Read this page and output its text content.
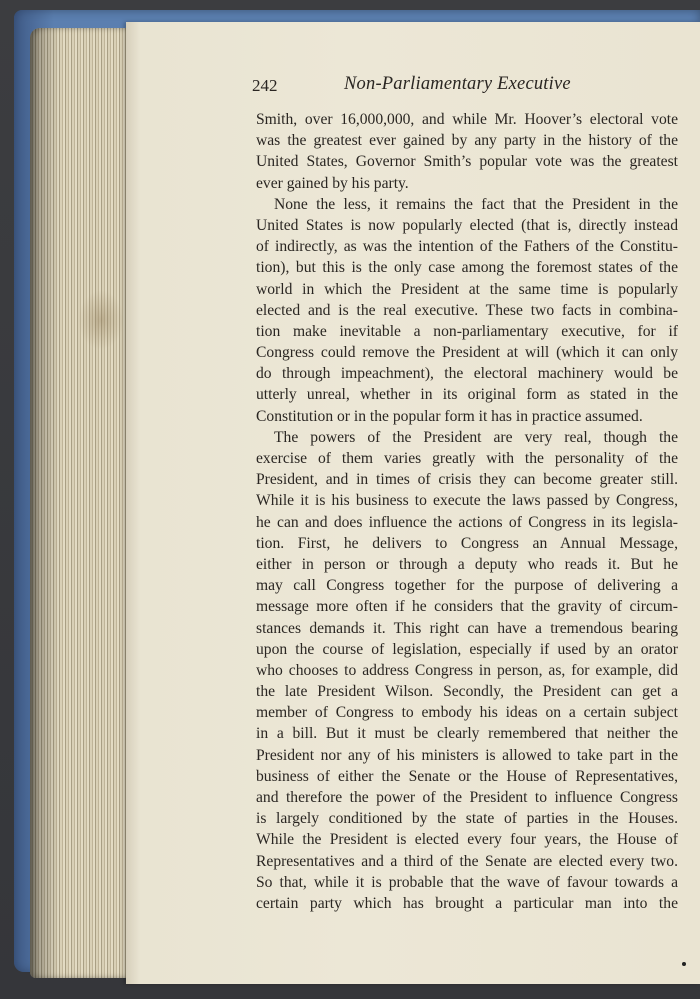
242	Non-Parliamentary Executive
Smith, over 16,000,000, and while Mr. Hoover’s electoral vote
was the greatest ever gained by any party in the history of the
United States, Governor Smith’s popular vote was the greatest
ever gained by his party.
None the less, it remains the fact that the President in the
United States is now popularly elected (that is, directly instead
of indirectly, as was the intention of the Fathers of the Constitu-
tion), but this is the only case among the foremost states of the
world in which the President at the same time is popularly
elected and is the real executive. These two facts in combina-
tion make inevitable a non-parliamentary executive, for if
Congress could remove the President at will (which it can only
do through impeachment), the electoral machinery would be
utterly unreal, whether in its original form as stated in the
Constitution or in the popular form it has in practice assumed.
The powers of the President are very real, though the
exercise of them varies greatly with the personality of the
President, and in times of crisis they can become greater still.
While it is his business to execute the laws passed by Congress,
he can and does influence the actions of Congress in its legisla-
tion. First, he delivers to Congress an Annual Message,
either in person or through a deputy who reads it. But he
may call Congress together for the purpose of delivering a
message more often if he considers that the gravity of circum-
stances demands it. This right can have a tremendous bearing
upon the course of legislation, especially if used by an orator
who chooses to address Congress in person, as, for example, did
the late President Wilson. Secondly, the President can get a
member of Congress to embody his ideas on a certain subject
in a bill. But it must be clearly remembered that neither the
President nor any of his ministers is allowed to take part in the
business of either the Senate or the House of Representatives,
and therefore the power of the President to influence Congress
is largely conditioned by the state of parties in the Houses.
While the President is elected every four years, the House of
Representatives and a third of the Senate are elected every two.
So that, while it is probable that the wave of favour towards a
certain party which has brought a particular man into the
